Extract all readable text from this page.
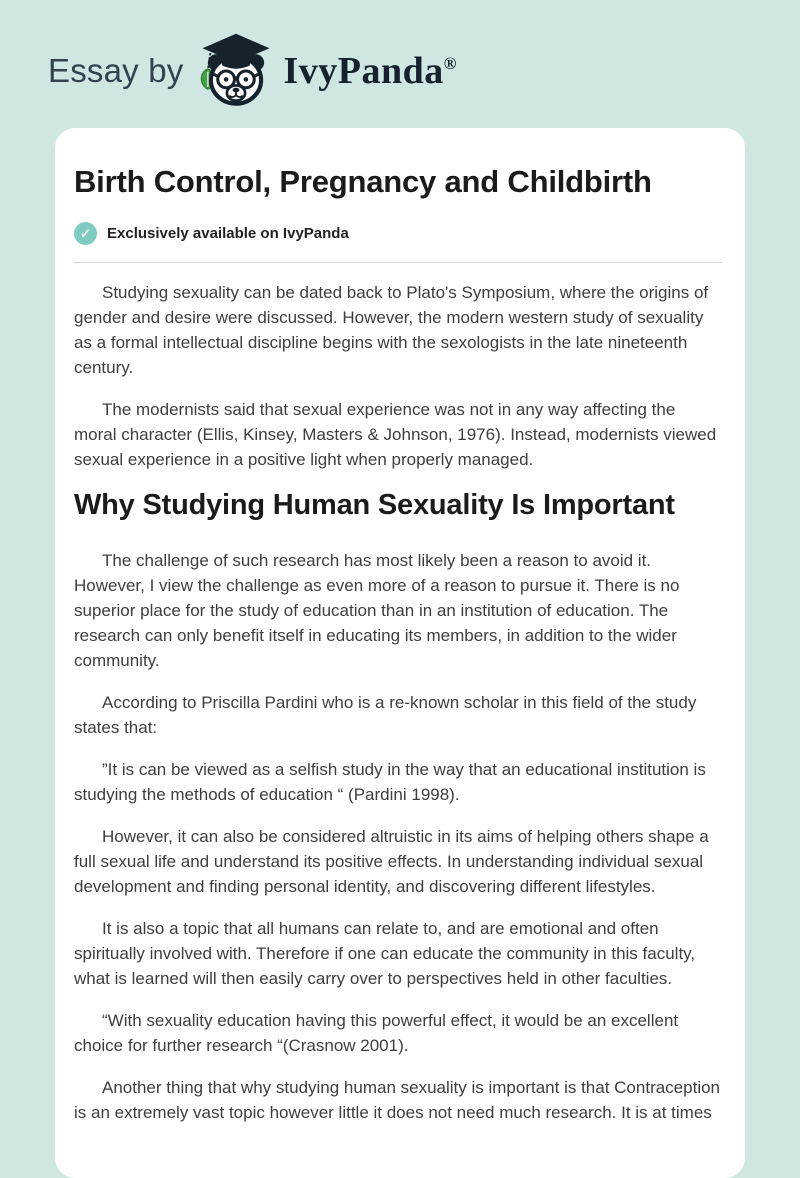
Essay by	IvyPanda®
Birth Control, Pregnancy and Childbirth
✓	Exclusively available on IvyPanda

Studying sexuality can be dated back to Plato's Symposium, where the origins of gender and desire were discussed. However, the modern western study of sexuality as a formal intellectual discipline begins with the sexologists in the late nineteenth century.

The modernists said that sexual experience was not in any way affecting the moral character (Ellis, Kinsey, Masters & Johnson, 1976). Instead, modernists viewed sexual experience in a positive light when properly managed.

Why Studying Human Sexuality Is Important

The challenge of such research has most likely been a reason to avoid it. However, I view the challenge as even more of a reason to pursue it. There is no superior place for the study of education than in an institution of education. The research can only benefit itself in educating its members, in addition to the wider community.

According to Priscilla Pardini who is a re-known scholar in this field of the study states that:

”It is can be viewed as a selfish study in the way that an educational institution is studying the methods of education “ (Pardini 1998).

However, it can also be considered altruistic in its aims of helping others shape a full sexual life and understand its positive effects. In understanding individual sexual development and finding personal identity, and discovering different lifestyles.

It is also a topic that all humans can relate to, and are emotional and often spiritually involved with. Therefore if one can educate the community in this faculty, what is learned will then easily carry over to perspectives held in other faculties.

“With sexuality education having this powerful effect, it would be an excellent choice for further research “(Crasnow 2001).

Another thing that why studying human sexuality is important is that Contraception is an extremely vast topic however little it does not need much research. It is at times
